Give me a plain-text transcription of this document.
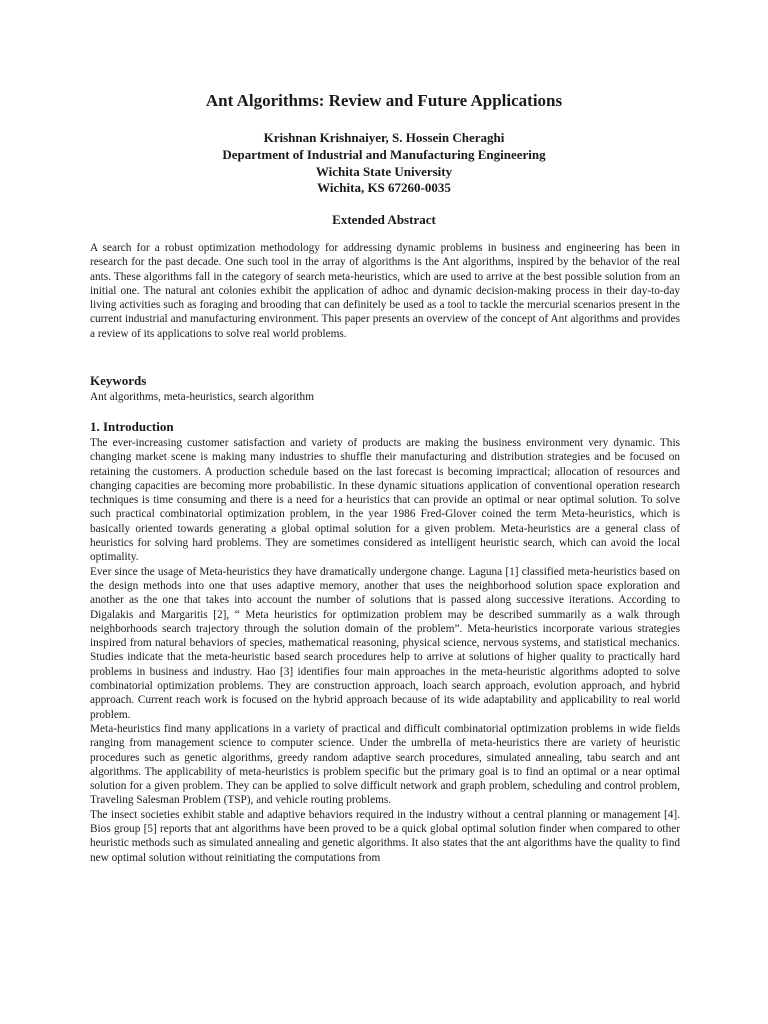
Ant Algorithms: Review and Future Applications
Krishnan Krishnaiyer, S. Hossein Cheraghi
Department of Industrial and Manufacturing Engineering
Wichita State University
Wichita, KS 67260-0035
Extended Abstract

A search for a robust optimization methodology for addressing dynamic problems in business and engineering has been in research for the past decade. One such tool in the array of algorithms is the Ant algorithms, inspired by the behavior of the real ants. These algorithms fall in the category of search meta-heuristics, which are used to arrive at the best possible solution from an initial one. The natural ant colonies exhibit the application of adhoc and dynamic decision-making process in their day-to-day living activities such as foraging and brooding that can definitely be used as a tool to tackle the mercurial scenarios present in the current industrial and manufacturing environment. This paper presents an overview of the concept of Ant algorithms and provides a review of its applications to solve real world problems.

Keywords

Ant algorithms, meta-heuristics, search algorithm

1. Introduction

The ever-increasing customer satisfaction and variety of products are making the business environment very dynamic. This changing market scene is making many industries to shuffle their manufacturing and distribution strategies and be focused on retaining the customers. A production schedule based on the last forecast is becoming impractical; allocation of resources and changing capacities are becoming more probabilistic. In these dynamic situations application of conventional operation research techniques is time consuming and there is a need for a heuristics that can provide an optimal or near optimal solution. To solve such practical combinatorial optimization problem, in the year 1986 Fred-Glover coined the term Meta-heuristics, which is basically oriented towards generating a global optimal solution for a given problem. Meta-heuristics are a general class of heuristics for solving hard problems. They are sometimes considered as intelligent heuristic search, which can avoid the local optimality.

Ever since the usage of Meta-heuristics they have dramatically undergone change. Laguna [1] classified meta-heuristics based on the design methods into one that uses adaptive memory, another that uses the neighborhood solution space exploration and another as the one that takes into account the number of solutions that is passed along successive iterations. According to Digalakis and Margaritis [2], “ Meta heuristics for optimization problem may be described summarily as a walk through neighborhoods search trajectory through the solution domain of the problem”. Meta-heuristics incorporate various strategies inspired from natural behaviors of species, mathematical reasoning, physical science, nervous systems, and statistical mechanics. Studies indicate that the meta-heuristic based search procedures help to arrive at solutions of higher quality to practically hard problems in business and industry. Hao [3] identifies four main approaches in the meta-heuristic algorithms adopted to solve combinatorial optimization problems. They are construction approach, loach search approach, evolution approach, and hybrid approach. Current reach work is focused on the hybrid approach because of its wide adaptability and applicability to real world problem.

Meta-heuristics find many applications in a variety of practical and difficult combinatorial optimization problems in wide fields ranging from management science to computer science. Under the umbrella of meta-heuristics there are variety of heuristic procedures such as genetic algorithms, greedy random adaptive search procedures, simulated annealing, tabu search and ant algorithms. The applicability of meta-heuristics is problem specific but the primary goal is to find an optimal or a near optimal solution for a given problem. They can be applied to solve difficult network and graph problem, scheduling and control problem, Traveling Salesman Problem (TSP), and vehicle routing problems.

The insect societies exhibit stable and adaptive behaviors required in the industry without a central planning or management [4]. Bios group [5] reports that ant algorithms have been proved to be a quick global optimal solution finder when compared to other heuristic methods such as simulated annealing and genetic algorithms. It also states that the ant algorithms have the quality to find new optimal solution without reinitiating the computations from
